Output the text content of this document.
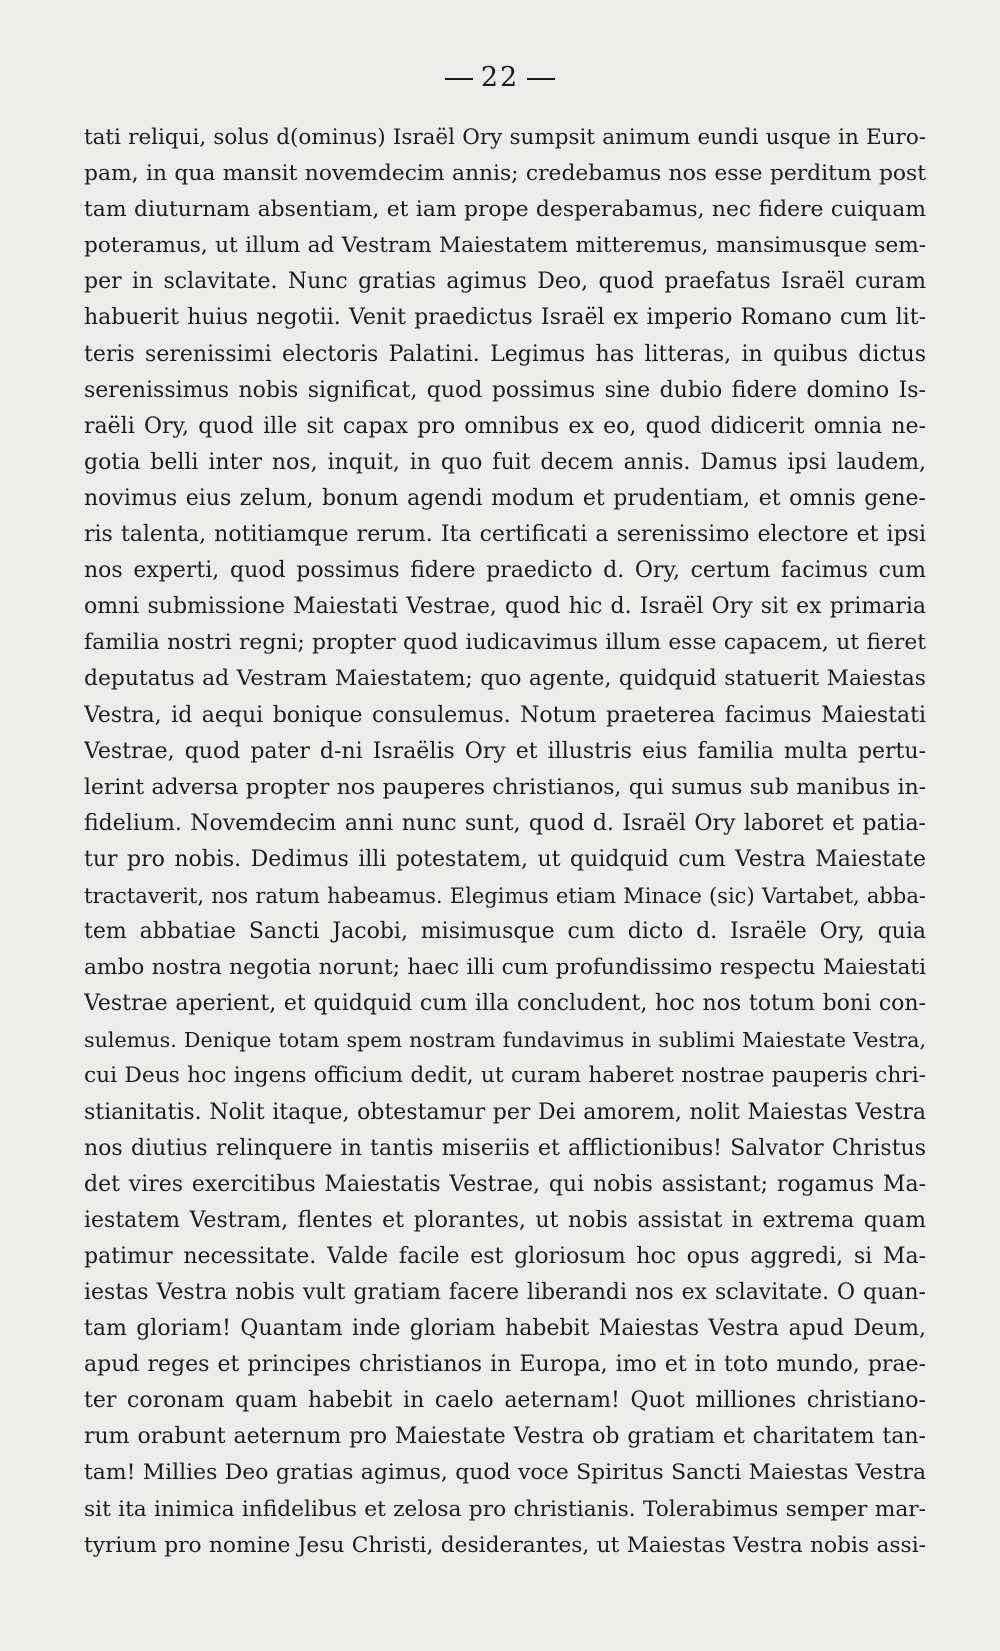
22
tati reliqui, solus d(ominus) Israël Ory sumpsit animum eundi usque in Euro-
pam, in qua mansit novemdecim annis; credebamus nos esse perditum post
tam diuturnam absentiam, et iam prope desperabamus, nec fidere cuiquam
poteramus, ut illum ad Vestram Maiestatem mitteremus, mansimusque sem-
per in sclavitate. Nunc gratias agimus Deo, quod praefatus Israël curam
habuerit huius negotii. Venit praedictus Israël ex imperio Romano cum lit-
teris serenissimi electoris Palatini. Legimus has litteras, in quibus dictus
serenissimus nobis significat, quod possimus sine dubio fidere domino Is-
raëli Ory, quod ille sit capax pro omnibus ex eo, quod didicerit omnia ne-
gotia belli inter nos, inquit, in quo fuit decem annis. Damus ipsi laudem,
novimus eius zelum, bonum agendi modum et prudentiam, et omnis gene-
ris talenta, notitiamque rerum. Ita certificati a serenissimo electore et ipsi
nos experti, quod possimus fidere praedicto d. Ory, certum facimus cum
omni submissione Maiestati Vestrae, quod hic d. Israël Ory sit ex primaria
familia nostri regni; propter quod iudicavimus illum esse capacem, ut fieret
deputatus ad Vestram Maiestatem; quo agente, quidquid statuerit Maiestas
Vestra, id aequi bonique consulemus. Notum praeterea facimus Maiestati
Vestrae, quod pater d-ni Israëlis Ory et illustris eius familia multa pertu-
lerint adversa propter nos pauperes christianos, qui sumus sub manibus in-
fidelium. Novemdecim anni nunc sunt, quod d. Israël Ory laboret et patia-
tur pro nobis. Dedimus illi potestatem, ut quidquid cum Vestra Maiestate
tractaverit, nos ratum habeamus. Elegimus etiam Minace (sic) Vartabet, abba-
tem abbatiae Sancti Jacobi, misimusque cum dicto d. Israële Ory, quia
ambo nostra negotia norunt; haec illi cum profundissimo respectu Maiestati
Vestrae aperient, et quidquid cum illa concludent, hoc nos totum boni con-
sulemus. Denique totam spem nostram fundavimus in sublimi Maiestate Vestra,
cui Deus hoc ingens officium dedit, ut curam haberet nostrae pauperis chri-
stianitatis. Nolit itaque, obtestamur per Dei amorem, nolit Maiestas Vestra
nos diutius relinquere in tantis miseriis et afflictionibus! Salvator Christus
det vires exercitibus Maiestatis Vestrae, qui nobis assistant; rogamus Ma-
iestatem Vestram, flentes et plorantes, ut nobis assistat in extrema quam
patimur necessitate. Valde facile est gloriosum hoc opus aggredi, si Ma-
iestas Vestra nobis vult gratiam facere liberandi nos ex sclavitate. O quan-
tam gloriam! Quantam inde gloriam habebit Maiestas Vestra apud Deum,
apud reges et principes christianos in Europa, imo et in toto mundo, prae-
ter coronam quam habebit in caelo aeternam! Quot milliones christiano-
rum orabunt aeternum pro Maiestate Vestra ob gratiam et charitatem tan-
tam! Millies Deo gratias agimus, quod voce Spiritus Sancti Maiestas Vestra
sit ita inimica infidelibus et zelosa pro christianis. Tolerabimus semper mar-
tyrium pro nomine Jesu Christi, desiderantes, ut Maiestas Vestra nobis assi-
